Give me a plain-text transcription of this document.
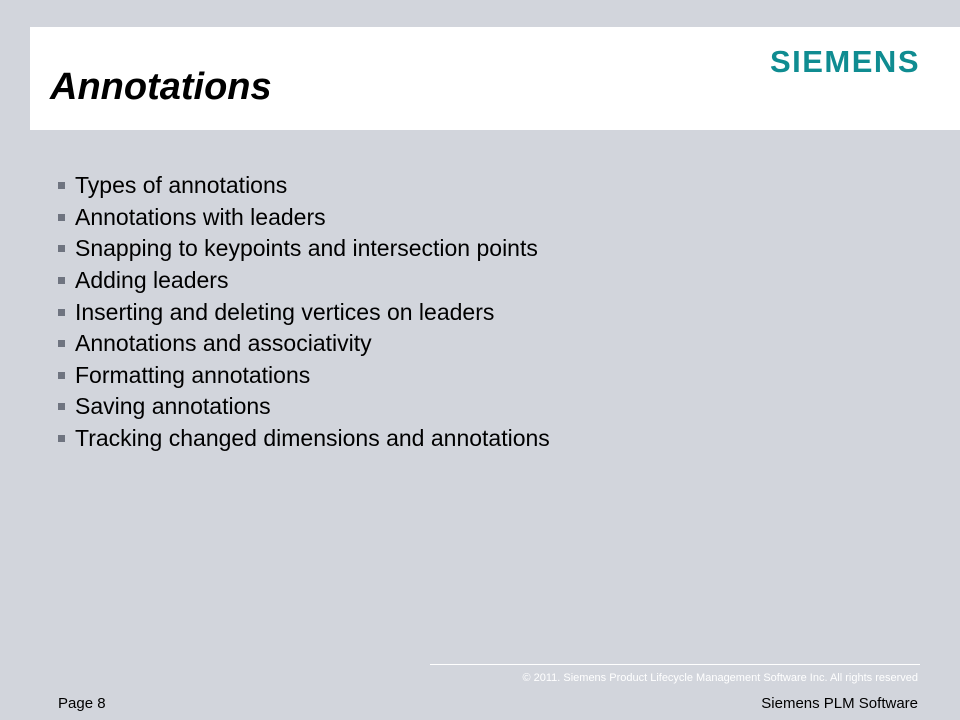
Annotations
SIEMENS
Types of annotations
Annotations with leaders
Snapping to keypoints and intersection points
Adding leaders
Inserting and deleting vertices on leaders
Annotations and associativity
Formatting annotations
Saving annotations
Tracking changed dimensions and annotations
© 2011. Siemens Product Lifecycle Management Software Inc. All rights reserved
Page 8	Siemens PLM Software
